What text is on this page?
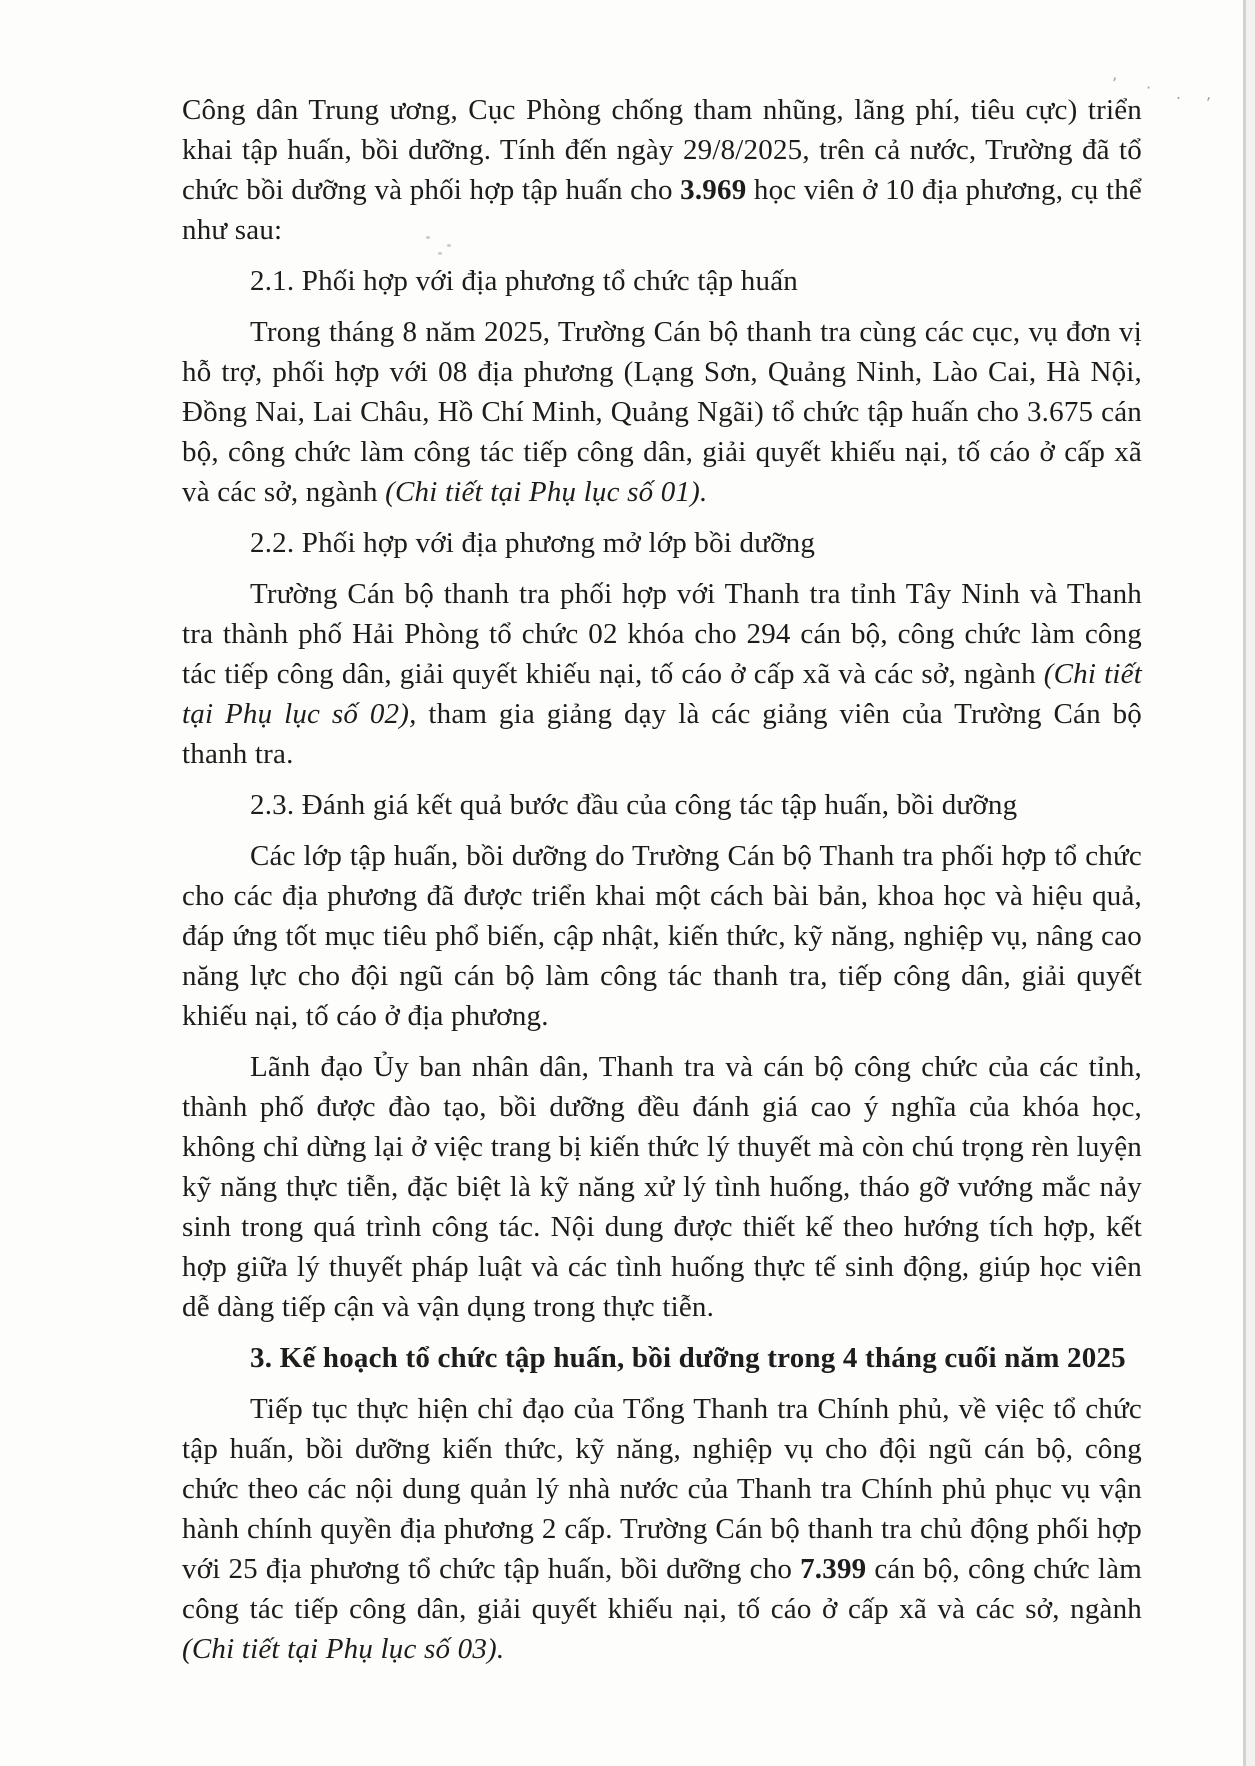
Công dân Trung ương, Cục Phòng chống tham nhũng, lãng phí, tiêu cực) triển khai tập huấn, bồi dưỡng. Tính đến ngày 29/8/2025, trên cả nước, Trường đã tổ chức bồi dưỡng và phối hợp tập huấn cho 3.969 học viên ở 10 địa phương, cụ thể như sau:

2.1. Phối hợp với địa phương tổ chức tập huấn

Trong tháng 8 năm 2025, Trường Cán bộ thanh tra cùng các cục, vụ đơn vị hỗ trợ, phối hợp với 08 địa phương (Lạng Sơn, Quảng Ninh, Lào Cai, Hà Nội, Đồng Nai, Lai Châu, Hồ Chí Minh, Quảng Ngãi) tổ chức tập huấn cho 3.675 cán bộ, công chức làm công tác tiếp công dân, giải quyết khiếu nại, tố cáo ở cấp xã và các sở, ngành (Chi tiết tại Phụ lục số 01).

2.2. Phối hợp với địa phương mở lớp bồi dưỡng

Trường Cán bộ thanh tra phối hợp với Thanh tra tỉnh Tây Ninh và Thanh tra thành phố Hải Phòng tổ chức 02 khóa cho 294 cán bộ, công chức làm công tác tiếp công dân, giải quyết khiếu nại, tố cáo ở cấp xã và các sở, ngành (Chi tiết tại Phụ lục số 02), tham gia giảng dạy là các giảng viên của Trường Cán bộ thanh tra.

2.3. Đánh giá kết quả bước đầu của công tác tập huấn, bồi dưỡng

Các lớp tập huấn, bồi dưỡng do Trường Cán bộ Thanh tra phối hợp tổ chức cho các địa phương đã được triển khai một cách bài bản, khoa học và hiệu quả, đáp ứng tốt mục tiêu phổ biến, cập nhật, kiến thức, kỹ năng, nghiệp vụ, nâng cao năng lực cho đội ngũ cán bộ làm công tác thanh tra, tiếp công dân, giải quyết khiếu nại, tố cáo ở địa phương.

Lãnh đạo Ủy ban nhân dân, Thanh tra và cán bộ công chức của các tỉnh, thành phố được đào tạo, bồi dưỡng đều đánh giá cao ý nghĩa của khóa học, không chỉ dừng lại ở việc trang bị kiến thức lý thuyết mà còn chú trọng rèn luyện kỹ năng thực tiễn, đặc biệt là kỹ năng xử lý tình huống, tháo gỡ vướng mắc nảy sinh trong quá trình công tác. Nội dung được thiết kế theo hướng tích hợp, kết hợp giữa lý thuyết pháp luật và các tình huống thực tế sinh động, giúp học viên dễ dàng tiếp cận và vận dụng trong thực tiễn.

3. Kế hoạch tổ chức tập huấn, bồi dưỡng trong 4 tháng cuối năm 2025

Tiếp tục thực hiện chỉ đạo của Tổng Thanh tra Chính phủ, về việc tổ chức tập huấn, bồi dưỡng kiến thức, kỹ năng, nghiệp vụ cho đội ngũ cán bộ, công chức theo các nội dung quản lý nhà nước của Thanh tra Chính phủ phục vụ vận hành chính quyền địa phương 2 cấp. Trường Cán bộ thanh tra chủ động phối hợp với 25 địa phương tổ chức tập huấn, bồi dưỡng cho 7.399 cán bộ, công chức làm công tác tiếp công dân, giải quyết khiếu nại, tố cáo ở cấp xã và các sở, ngành (Chi tiết tại Phụ lục số 03).

’ · . ,
